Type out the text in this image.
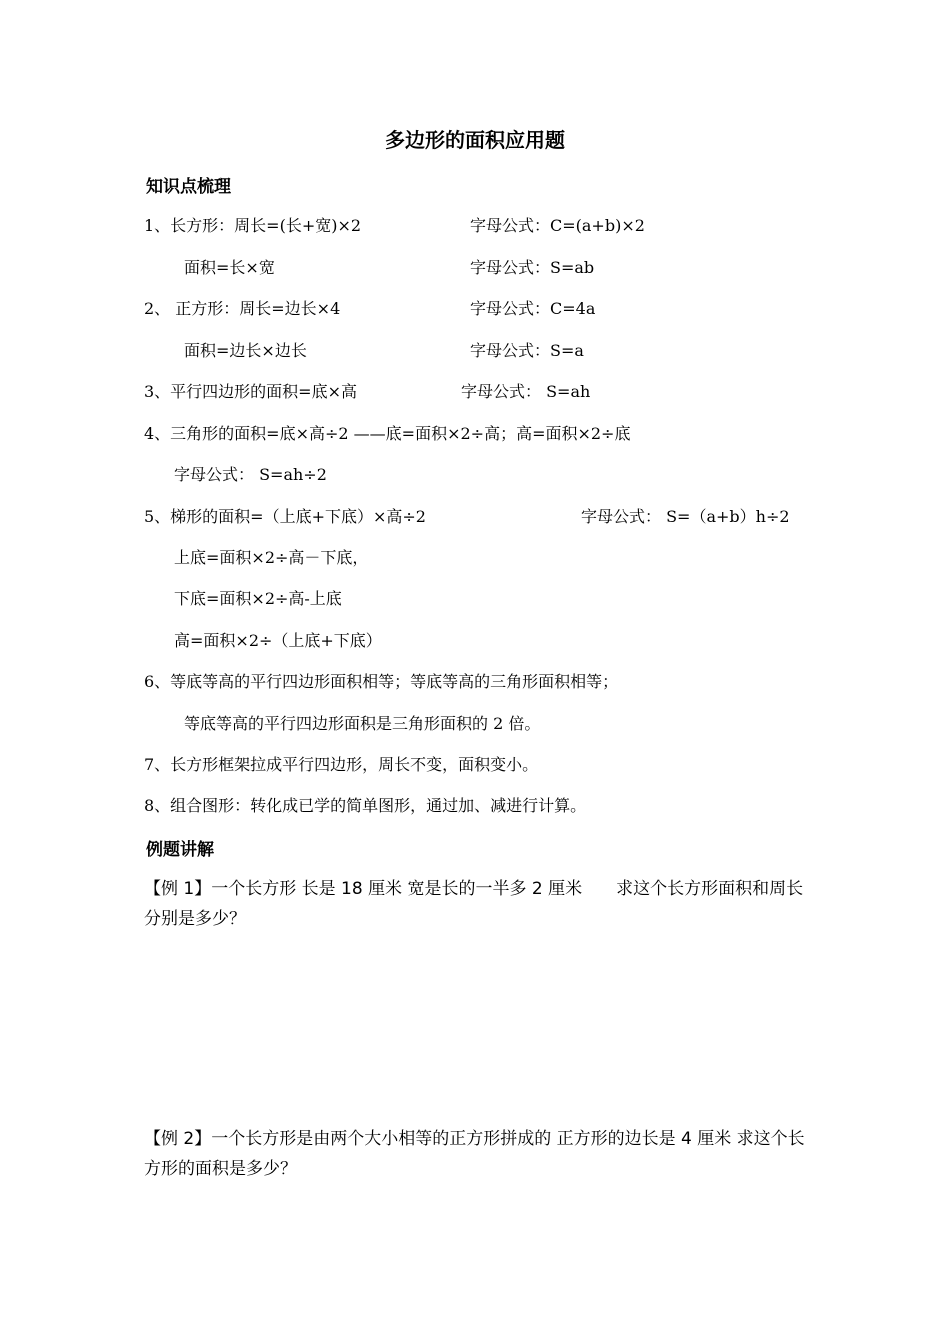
多边形的面积应用题
知识点梳理
1、长方形：周长=(长+宽)×2	字母公式：C=(a+b)×2
面积=长×宽	字母公式：S=ab
2、 正方形：周长=边长×4	字母公式：C=4a
面积=边长×边长	字母公式：S=a
3、平行四边形的面积=底×高	字母公式： S=ah
4、三角形的面积=底×高÷2 ——底=面积×2÷高；高=面积×2÷底
字母公式： S=ah÷2
5、梯形的面积=（上底+下底）×高÷2	字母公式： S=（a+b）h÷2
上底=面积×2÷高－下底，
下底=面积×2÷高-上底
高=面积×2÷（上底+下底）
6、等底等高的平行四边形面积相等；等底等高的三角形面积相等；
等底等高的平行四边形面积是三角形面积的 2 倍。
7、长方形框架拉成平行四边形，周长不变，面积变小。
8、组合图形：转化成已学的简单图形，通过加、减进行计算。
例题讲解
【例 1】一个长方形 长是 18 厘米 宽是长的一半多 2 厘米　　求这个长方形面积和周长分别是多少？
【例 2】一个长方形是由两个大小相等的正方形拼成的 正方形的边长是 4 厘米 求这个长方形的面积是多少？
